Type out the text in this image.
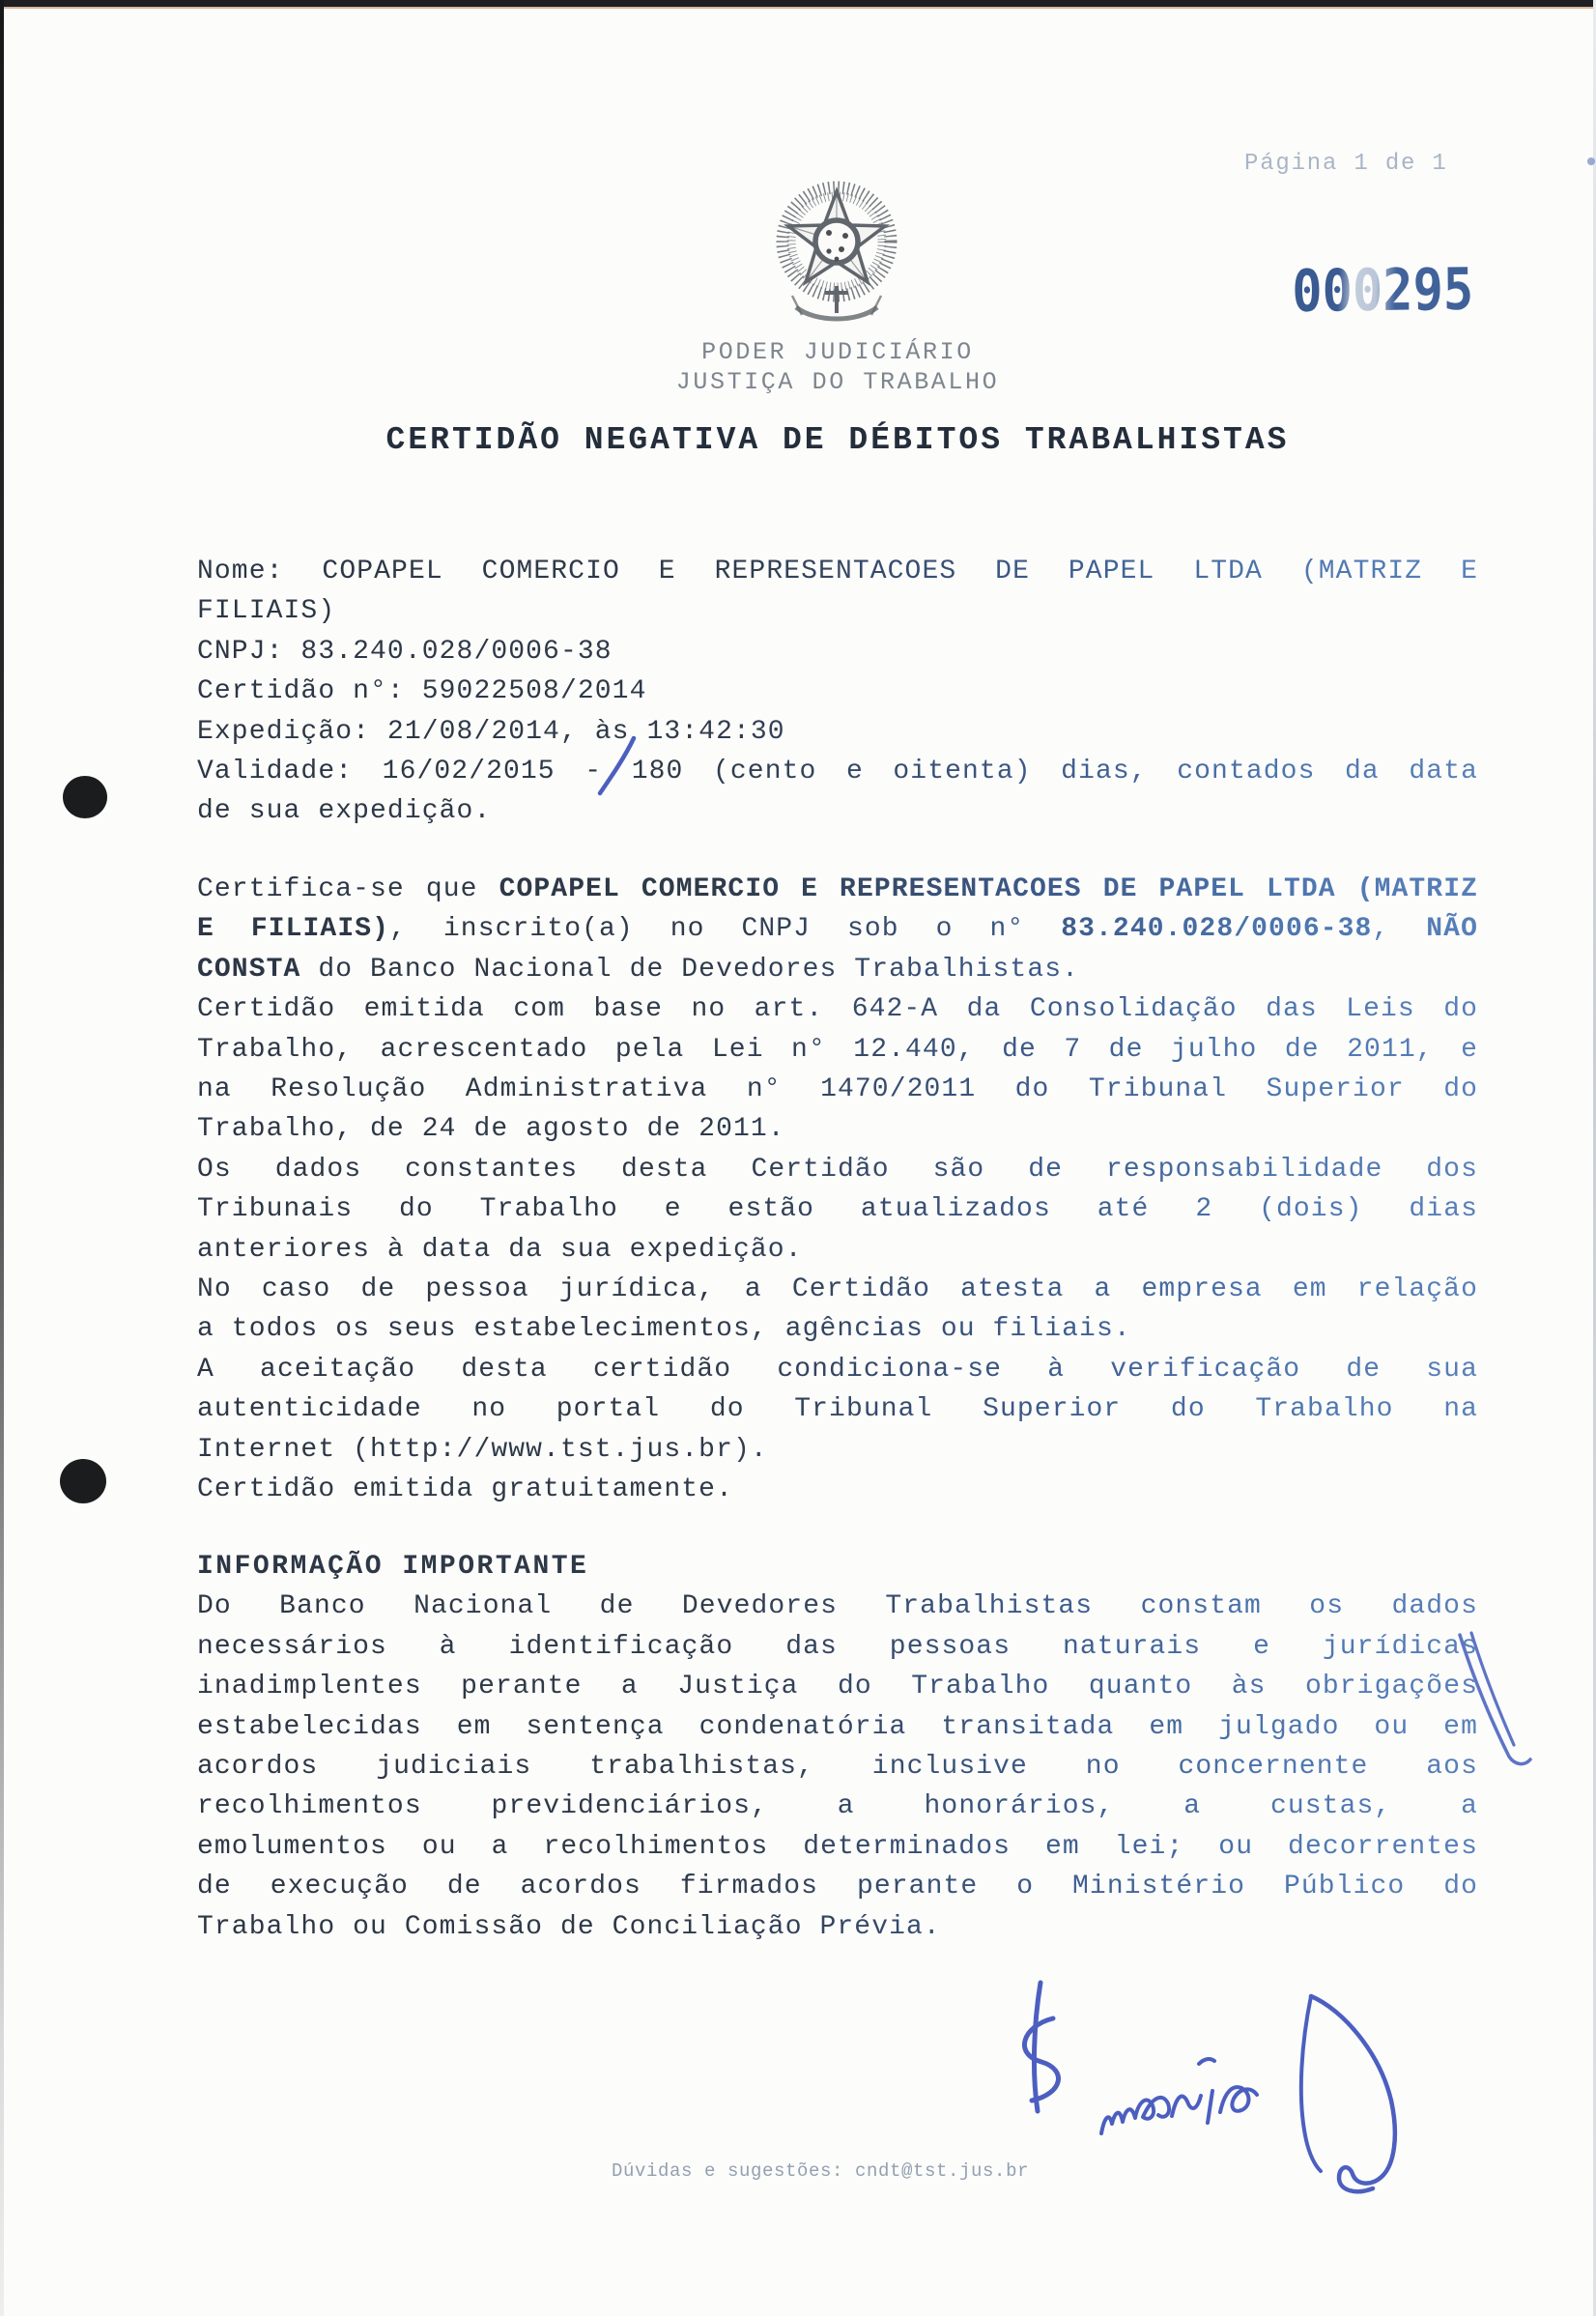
Página 1 de 1
000295
PODER JUDICIÁRIO
JUSTIÇA DO TRABALHO
CERTIDÃO NEGATIVA DE DÉBITOS TRABALHISTAS

Nome: COPAPEL COMERCIO E REPRESENTACOES DE PAPEL LTDA (MATRIZ E

FILIAIS)

CNPJ: 83.240.028/0006-38

Certidão n°: 59022508/2014

Expedição: 21/08/2014, às 13:42:30

Validade: 16/02/2015 - 180 (cento e oitenta) dias, contados da data

de sua expedição.

Certifica-se que COPAPEL COMERCIO E REPRESENTACOES DE PAPEL LTDA (MATRIZ

E FILIAIS), inscrito(a) no CNPJ sob o n° 83.240.028/0006-38, NÃO

CONSTA do Banco Nacional de Devedores Trabalhistas.

Certidão emitida com base no art. 642-A da Consolidação das Leis do

Trabalho, acrescentado pela Lei n° 12.440, de 7 de julho de 2011, e

na Resolução Administrativa n° 1470/2011 do Tribunal Superior do

Trabalho, de 24 de agosto de 2011.

Os dados constantes desta Certidão são de responsabilidade dos

Tribunais do Trabalho e estão atualizados até 2 (dois) dias

anteriores à data da sua expedição.

No caso de pessoa jurídica, a Certidão atesta a empresa em relação

a todos os seus estabelecimentos, agências ou filiais.

A aceitação desta certidão condiciona-se à verificação de sua

autenticidade no portal do Tribunal Superior do Trabalho na

Internet (http://www.tst.jus.br).

Certidão emitida gratuitamente.

INFORMAÇÃO IMPORTANTE

Do Banco Nacional de Devedores Trabalhistas constam os dados

necessários à identificação das pessoas naturais e jurídicas

inadimplentes perante a Justiça do Trabalho quanto às obrigações

estabelecidas em sentença condenatória transitada em julgado ou em

acordos judiciais trabalhistas, inclusive no concernente aos

recolhimentos previdenciários, a honorários, a custas, a

emolumentos ou a recolhimentos determinados em lei; ou decorrentes

de execução de acordos firmados perante o Ministério Público do

Trabalho ou Comissão de Conciliação Prévia.

Dúvidas e sugestões: cndt@tst.jus.br
